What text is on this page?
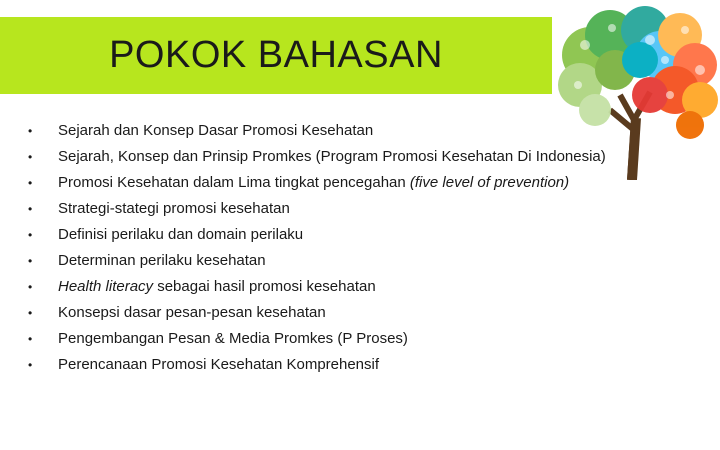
POKOK BAHASAN
•	Sejarah dan Konsep Dasar Promosi Kesehatan
•	Sejarah, Konsep dan Prinsip Promkes (Program Promosi Kesehatan Di Indonesia)
•	Promosi Kesehatan dalam Lima tingkat pencegahan (five level of prevention)
•	Strategi-stategi promosi kesehatan
•	Definisi perilaku dan domain perilaku
•	Determinan perilaku kesehatan
•	Health literacy sebagai hasil promosi kesehatan
•	Konsepsi dasar pesan-pesan kesehatan
•	Pengembangan Pesan & Media Promkes (P Proses)
•	Perencanaan Promosi Kesehatan Komprehensif
